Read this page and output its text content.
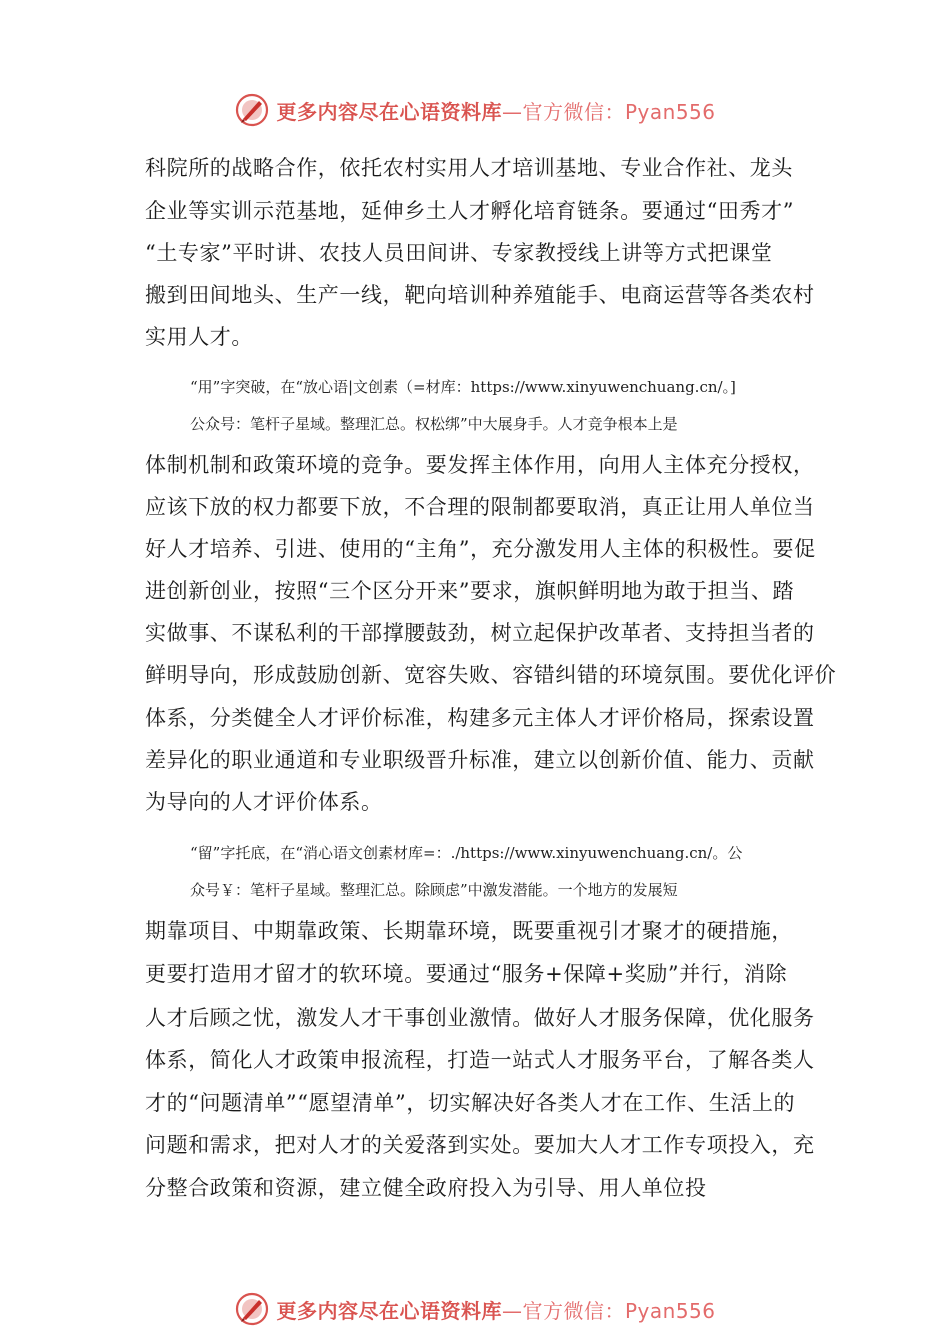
更多内容尽在心语资料库—官方微信：Pyan556
科院所的战略合作，依托农村实用人才培训基地、专业合作社、龙头
企业等实训示范基地，延伸乡土人才孵化培育链条。要通过“田秀才”
“土专家”平时讲、农技人员田间讲、专家教授线上讲等方式把课堂
搬到田间地头、生产一线，靶向培训种养殖能手、电商运营等各类农村
实用人才。
“用”字突破，在“放心语|文创素（=材库：https://www.xinyuwenchuang.cn/。]
公众号：笔杆子星域。整理汇总。权松绑”中大展身手。人才竞争根本上是
体制机制和政策环境的竞争。要发挥主体作用，向用人主体充分授权，
应该下放的权力都要下放，不合理的限制都要取消，真正让用人单位当
好人才培养、引进、使用的“主角”，充分激发用人主体的积极性。要促
进创新创业，按照“三个区分开来”要求，旗帜鲜明地为敢于担当、踏
实做事、不谋私利的干部撑腰鼓劲，树立起保护改革者、支持担当者的
鲜明导向，形成鼓励创新、宽容失败、容错纠错的环境氛围。要优化评价
体系，分类健全人才评价标准，构建多元主体人才评价格局，探索设置
差异化的职业通道和专业职级晋升标准，建立以创新价值、能力、贡献
为导向的人才评价体系。
“留”字托底，在“消心语文创素材库=：./https://www.xinyuwenchuang.cn/。公
众号￥：笔杆子星域。整理汇总。除顾虑”中激发潜能。一个地方的发展短
期靠项目、中期靠政策、长期靠环境，既要重视引才聚才的硬措施，
更要打造用才留才的软环境。要通过“服务+保障+奖励”并行，消除
人才后顾之忧，激发人才干事创业激情。做好人才服务保障，优化服务
体系，简化人才政策申报流程，打造一站式人才服务平台，了解各类人
才的“问题清单”“愿望清单”，切实解决好各类人才在工作、生活上的
问题和需求，把对人才的关爱落到实处。要加大人才工作专项投入，充
分整合政策和资源，建立健全政府投入为引导、用人单位投
更多内容尽在心语资料库—官方微信：Pyan556
